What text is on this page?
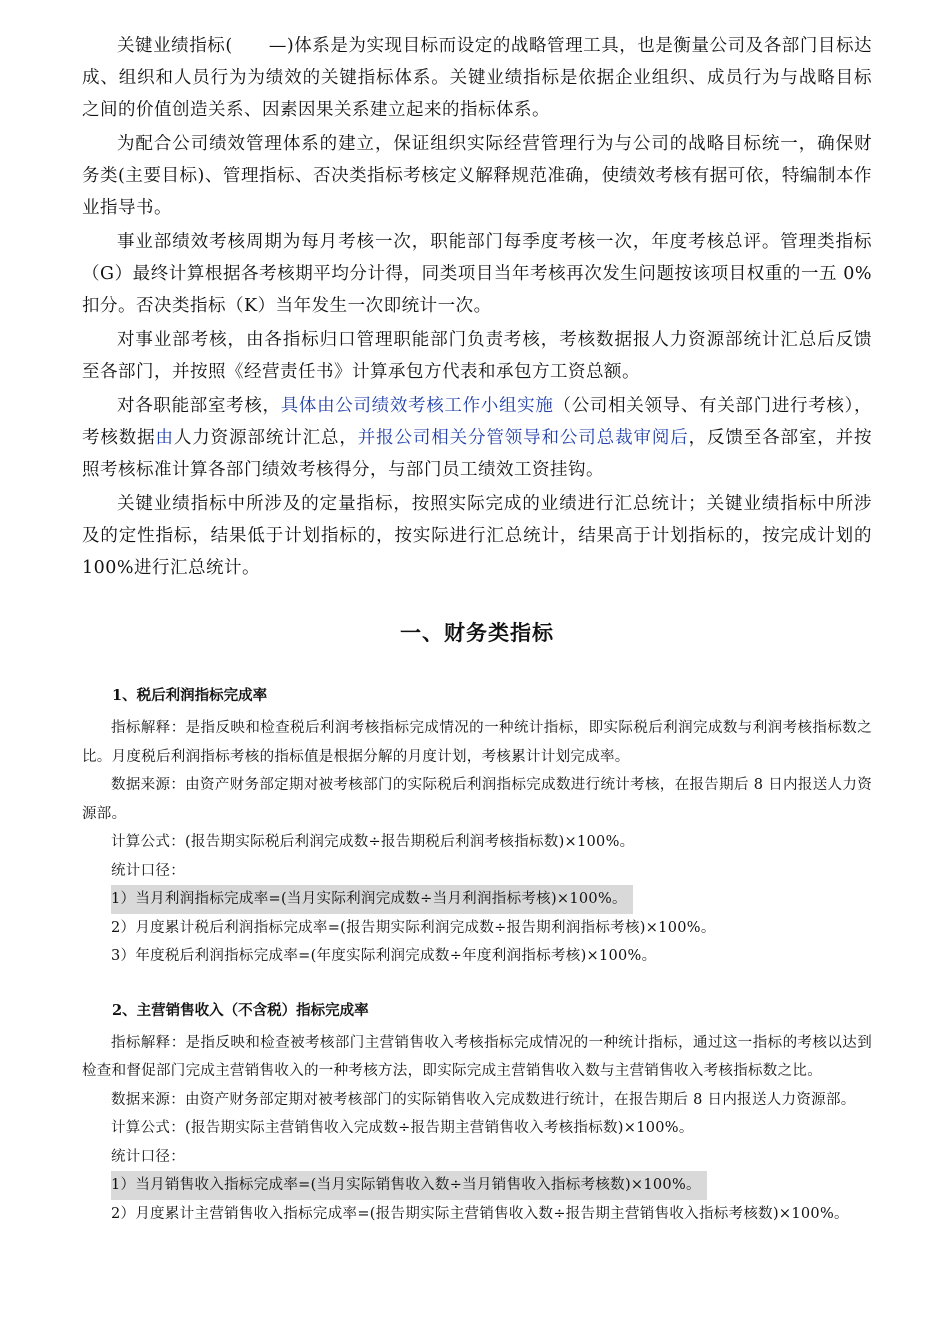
关键业绩指标(　　—)体系是为实现目标而设定的战略管理工具，也是衡量公司及各部门目标达成、组织和人员行为为绩效的关键指标体系。关键业绩指标是依据企业组织、成员行为与战略目标之间的价值创造关系、因素因果关系建立起来的指标体系。

为配合公司绩效管理体系的建立，保证组织实际经营管理行为与公司的战略目标统一，确保财务类(主要目标)、管理指标、否决类指标考核定义解释规范准确，使绩效考核有据可依，特编制本作业指导书。

事业部绩效考核周期为每月考核一次，职能部门每季度考核一次，年度考核总评。管理类指标（G）最终计算根据各考核期平均分计得，同类项目当年考核再次发生问题按该项目权重的一五 0%扣分。否决类指标（K）当年发生一次即统计一次。

对事业部考核，由各指标归口管理职能部门负责考核，考核数据报人力资源部统计汇总后反馈至各部门，并按照《经营责任书》计算承包方代表和承包方工资总额。

对各职能部室考核，具体由公司绩效考核工作小组实施（公司相关领导、有关部门进行考核），考核数据由人力资源部统计汇总，并报公司相关分管领导和公司总裁审阅后，反馈至各部室，并按照考核标准计算各部门绩效考核得分，与部门员工绩效工资挂钩。

关键业绩指标中所涉及的定量指标，按照实际完成的业绩进行汇总统计；关键业绩指标中所涉及的定性指标，结果低于计划指标的，按实际进行汇总统计，结果高于计划指标的，按完成计划的 100%进行汇总统计。

一、财务类指标
1、税后利润指标完成率

指标解释：是指反映和检查税后利润考核指标完成情况的一种统计指标，即实际税后利润完成数与利润考核指标数之比。月度税后利润指标考核的指标值是根据分解的月度计划，考核累计计划完成率。

数据来源：由资产财务部定期对被考核部门的实际税后利润指标完成数进行统计考核，在报告期后 8 日内报送人力资源部。

计算公式：(报告期实际税后利润完成数÷报告期税后利润考核指标数)×100%。

统计口径：

1）当月利润指标完成率=(当月实际利润完成数÷当月利润指标考核)×100%。

2）月度累计税后利润指标完成率=(报告期实际利润完成数÷报告期利润指标考核)×100%。

3）年度税后利润指标完成率=(年度实际利润完成数÷年度利润指标考核)×100%。

2、主营销售收入（不含税）指标完成率

指标解释：是指反映和检查被考核部门主营销售收入考核指标完成情况的一种统计指标，通过这一指标的考核以达到检查和督促部门完成主营销售收入的一种考核方法，即实际完成主营销售收入数与主营销售收入考核指标数之比。

数据来源：由资产财务部定期对被考核部门的实际销售收入完成数进行统计，在报告期后 8 日内报送人力资源部。

计算公式：(报告期实际主营销售收入完成数÷报告期主营销售收入考核指标数)×100%。

统计口径：

1）当月销售收入指标完成率=(当月实际销售收入数÷当月销售收入指标考核数)×100%。

2）月度累计主营销售收入指标完成率=(报告期实际主营销售收入数÷报告期主营销售收入指标考核数)×100%。
